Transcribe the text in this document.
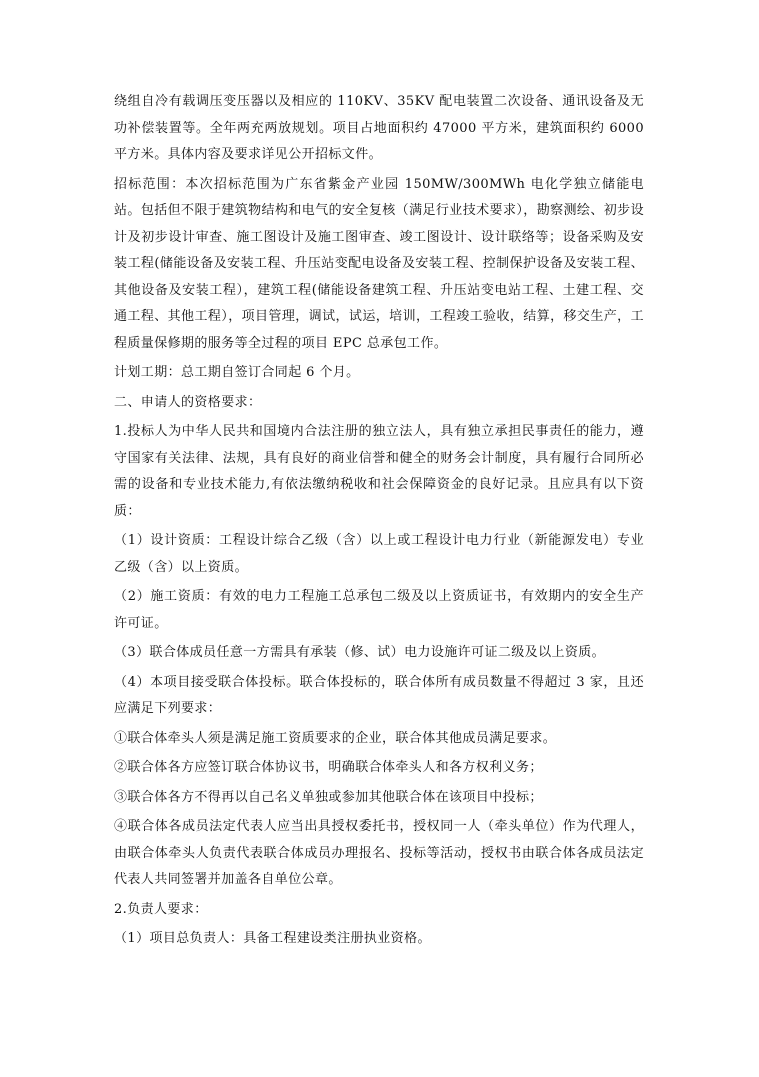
绕组自冷有载调压变压器以及相应的 110KV、35KV 配电装置二次设备、通讯设备及无功补偿装置等。全年两充两放规划。项目占地面积约 47000 平方米，建筑面积约 6000 平方米。具体内容及要求详见公开招标文件。

招标范围：本次招标范围为广东省紫金产业园 150MW/300MWh 电化学独立储能电站。包括但不限于建筑物结构和电气的安全复核（满足行业技术要求），勘察测绘、初步设计及初步设计审查、施工图设计及施工图审查、竣工图设计、设计联络等；设备采购及安装工程(储能设备及安装工程、升压站变配电设备及安装工程、控制保护设备及安装工程、其他设备及安装工程），建筑工程(储能设备建筑工程、升压站变电站工程、土建工程、交通工程、其他工程），项目管理，调试，试运，培训，工程竣工验收，结算，移交生产，工程质量保修期的服务等全过程的项目 EPC 总承包工作。

计划工期：总工期自签订合同起 6 个月。

二、申请人的资格要求：

1.投标人为中华人民共和国境内合法注册的独立法人，具有独立承担民事责任的能力，遵守国家有关法律、法规，具有良好的商业信誉和健全的财务会计制度，具有履行合同所必需的设备和专业技术能力,有依法缴纳税收和社会保障资金的良好记录。且应具有以下资质：

（1）设计资质：工程设计综合乙级（含）以上或工程设计电力行业（新能源发电）专业乙级（含）以上资质。

（2）施工资质：有效的电力工程施工总承包二级及以上资质证书，有效期内的安全生产许可证。

（3）联合体成员任意一方需具有承装（修、试）电力设施许可证二级及以上资质。

（4）本项目接受联合体投标。联合体投标的，联合体所有成员数量不得超过 3 家，且还应满足下列要求：

①联合体牵头人须是满足施工资质要求的企业，联合体其他成员满足要求。

②联合体各方应签订联合体协议书，明确联合体牵头人和各方权利义务；

③联合体各方不得再以自己名义单独或参加其他联合体在该项目中投标；

④联合体各成员法定代表人应当出具授权委托书，授权同一人（牵头单位）作为代理人，由联合体牵头人负责代表联合体成员办理报名、投标等活动，授权书由联合体各成员法定代表人共同签署并加盖各自单位公章。

2.负责人要求：

（1）项目总负责人：具备工程建设类注册执业资格。
